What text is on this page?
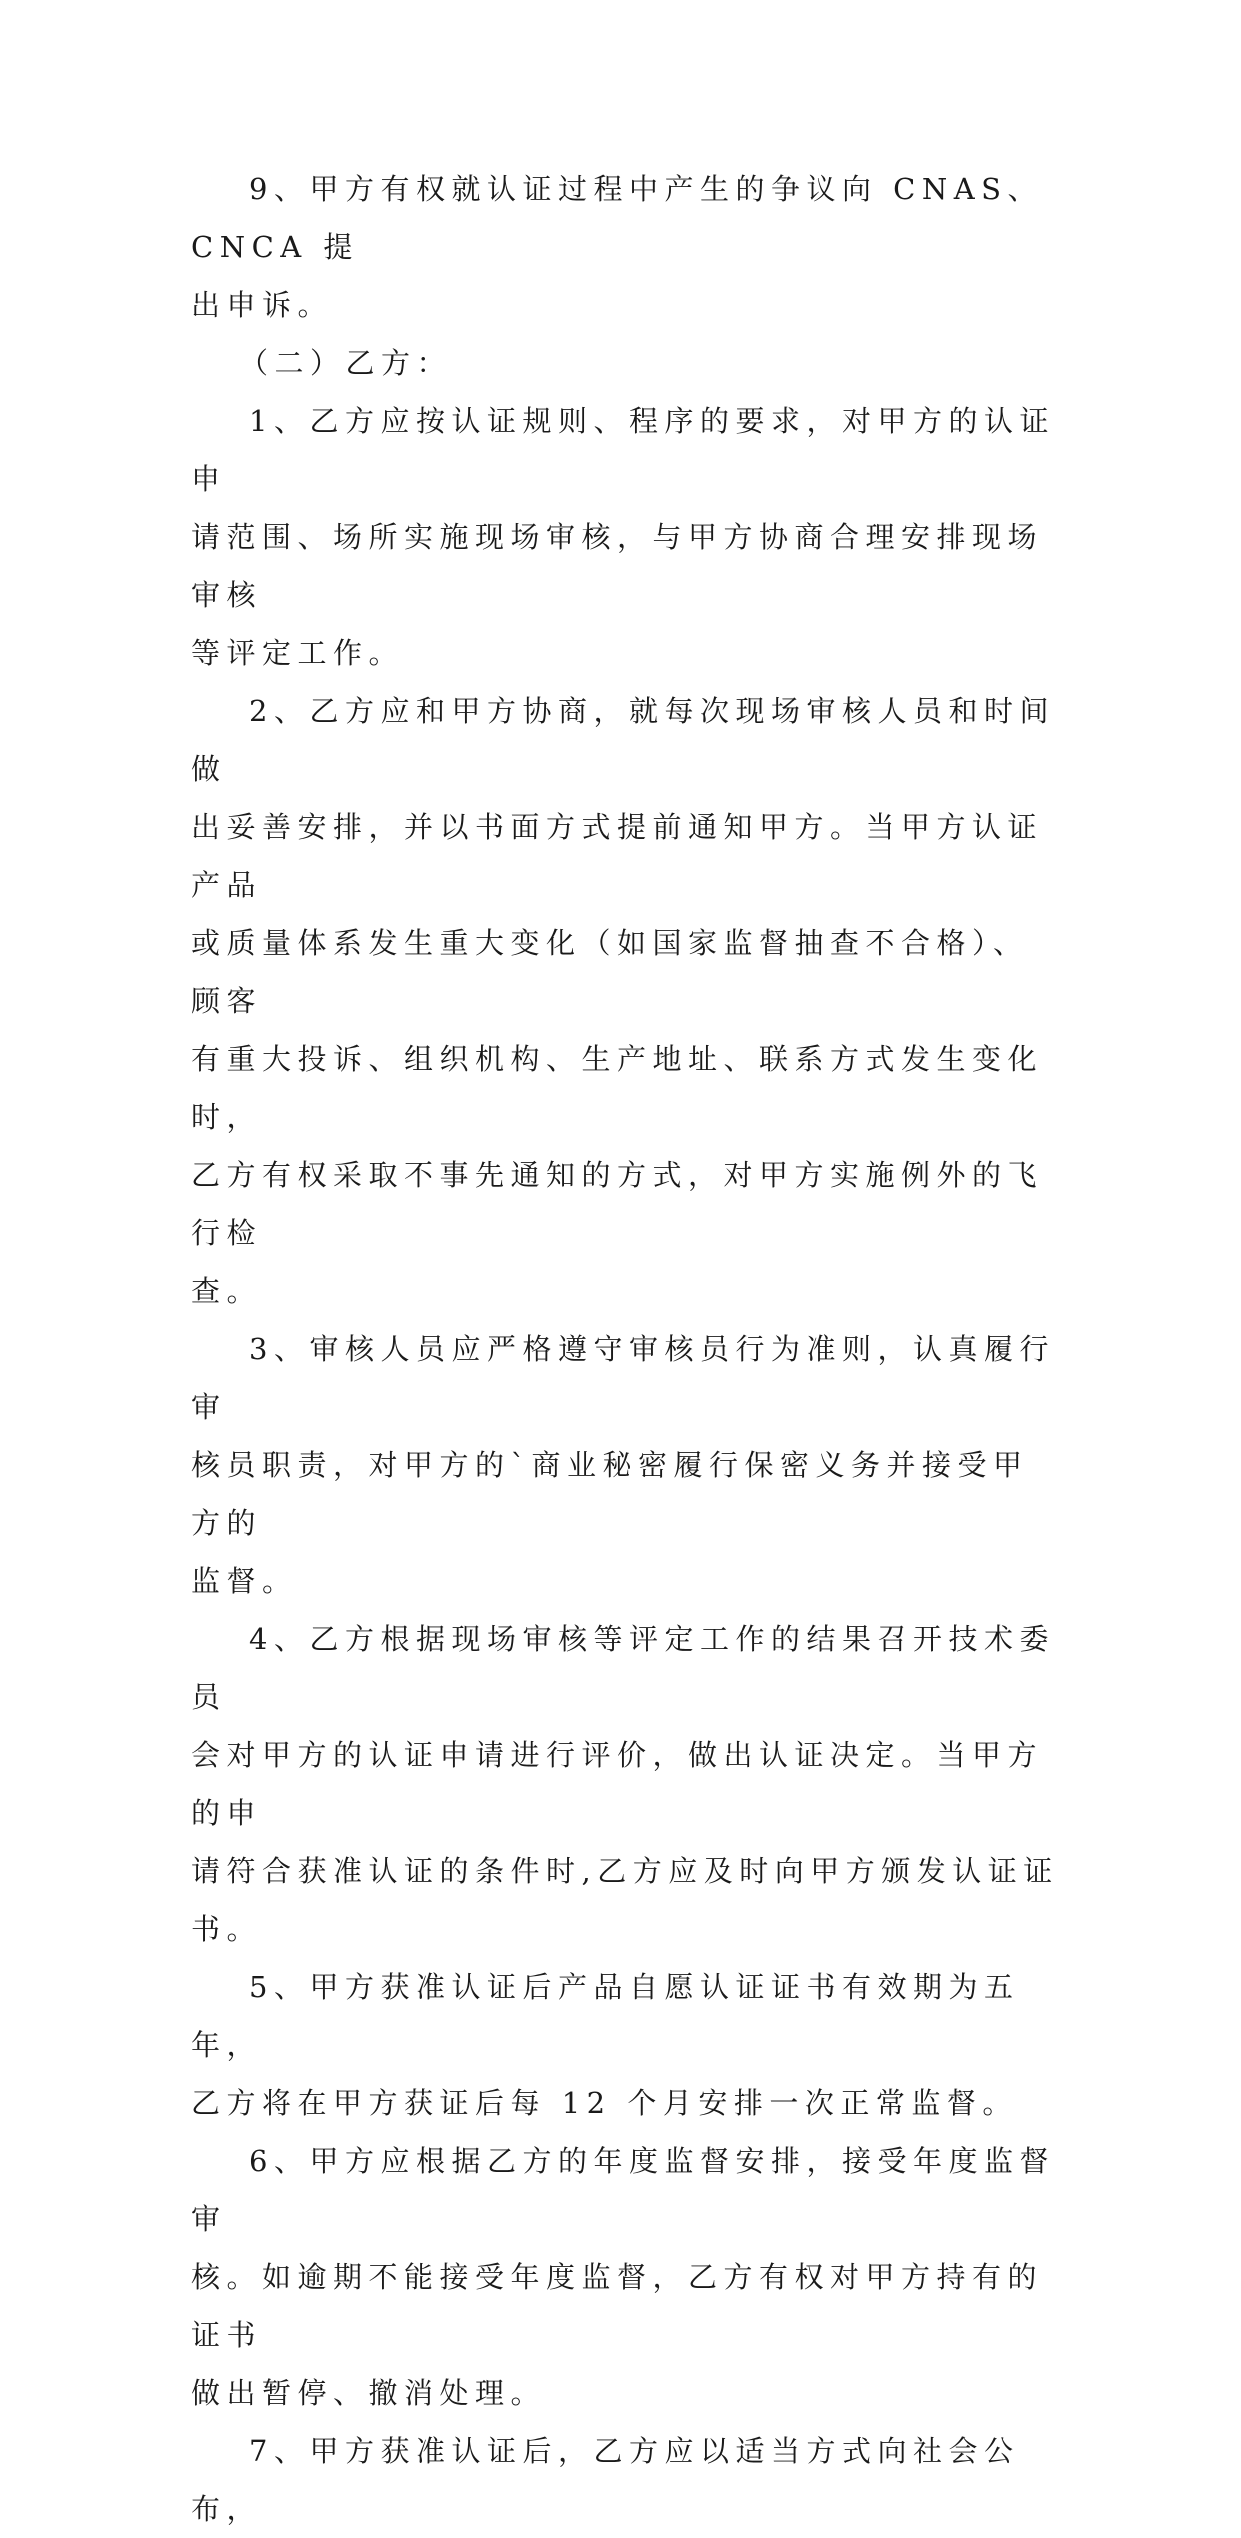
9、甲方有权就认证过程中产生的争议向 CNAS、CNCA 提

出申诉。

（二）乙方：

1、乙方应按认证规则、程序的要求，对甲方的认证申

请范围、场所实施现场审核，与甲方协商合理安排现场审核

等评定工作。

2、乙方应和甲方协商，就每次现场审核人员和时间做

出妥善安排，并以书面方式提前通知甲方。当甲方认证产品

或质量体系发生重大变化（如国家监督抽查不合格）、顾客

有重大投诉、组织机构、生产地址、联系方式发生变化时，

乙方有权采取不事先通知的方式，对甲方实施例外的飞行检

查。

3、审核人员应严格遵守审核员行为准则，认真履行审

核员职责，对甲方的`商业秘密履行保密义务并接受甲方的

监督。

4、乙方根据现场审核等评定工作的结果召开技术委员

会对甲方的认证申请进行评价，做出认证决定。当甲方的申

请符合获准认证的条件时,乙方应及时向甲方颁发认证证书。

5、甲方获准认证后产品自愿认证证书有效期为五年，

乙方将在甲方获证后每 12 个月安排一次正常监督。

6、甲方应根据乙方的年度监督安排，接受年度监督审

核。如逾期不能接受年度监督，乙方有权对甲方持有的证书

做出暂停、撤消处理。

7、甲方获准认证后，乙方应以适当方式向社会公布，
